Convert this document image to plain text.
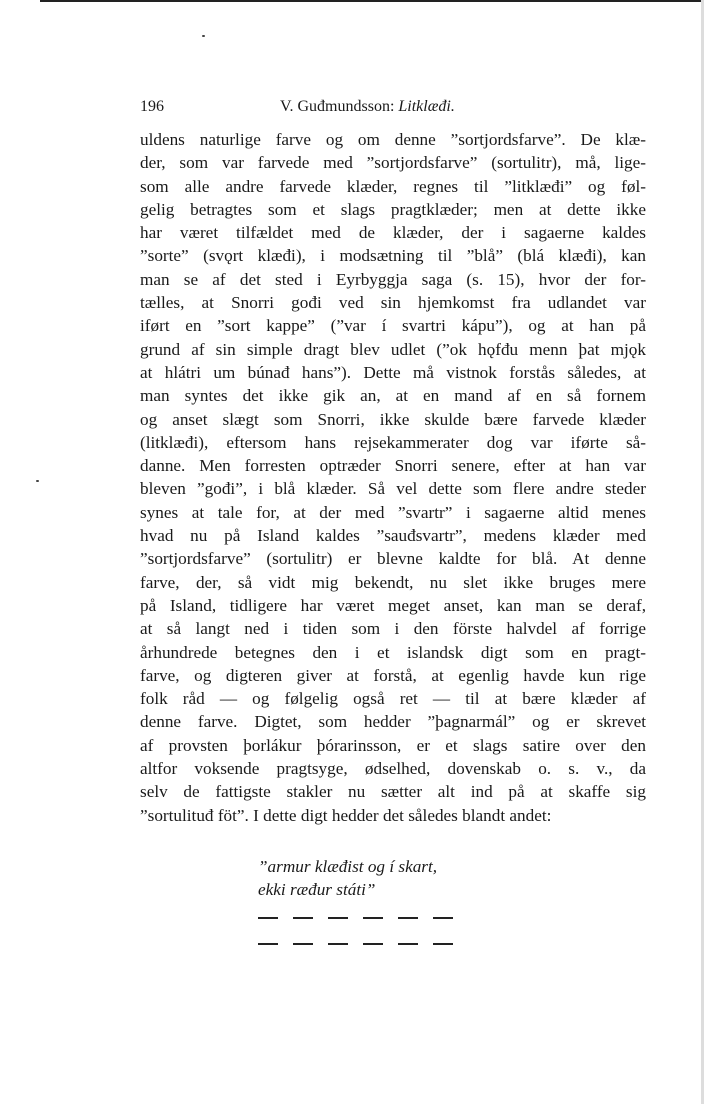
196	V. Guđmundsson: Litklæđi.
uldens naturlige farve og om denne ”sortjordsfarve”. De klæ-
der, som var farvede med ”sortjordsfarve” (sortulitr), må, lige-
som alle andre farvede klæder, regnes til ”litklæđi” og føl-
gelig betragtes som et slags pragtklæder; men at dette ikke
har været tilfældet med de klæder, der i sagaerne kaldes
”sorte” (svǫrt klæđi), i modsætning til ”blå” (blá klæđi), kan
man se af det sted i Eyrbyggja saga (s. 15), hvor der for-
tælles, at Snorri gođi ved sin hjemkomst fra udlandet var
iført en ”sort kappe” (”var í svartri kápu”), og at han på
grund af sin simple dragt blev udlet (”ok hǫfđu menn þat mjǫk
at hlátri um búnađ hans”). Dette må vistnok forstås således, at
man syntes det ikke gik an, at en mand af en så fornem
og anset slægt som Snorri, ikke skulde bære farvede klæder
(litklæđi), eftersom hans rejsekammerater dog var iførte så-
danne. Men forresten optræder Snorri senere, efter at han var
bleven ”gođi”, i blå klæder. Så vel dette som flere andre steder
synes at tale for, at der med ”svartr” i sagaerne altid menes
hvad nu på Island kaldes ”sauđsvartr”, medens klæder med
”sortjordsfarve” (sortulitr) er blevne kaldte for blå. At denne
farve, der, så vidt mig bekendt, nu slet ikke bruges mere
på Island, tidligere har været meget anset, kan man se deraf,
at så langt ned i tiden som i den förste halvdel af forrige
århundrede betegnes den i et islandsk digt som en pragt-
farve, og digteren giver at forstå, at egenlig havde kun rige
folk råd — og følgelig også ret — til at bære klæder af
denne farve. Digtet, som hedder ”þagnarmál” og er skrevet
af provsten þorlákur þórarinsson, er et slags satire over den
altfor voksende pragtsyge, ødselhed, dovenskab o. s. v., da
selv de fattigste stakler nu sætter alt ind på at skaffe sig
”sortulituđ föt”. I dette digt hedder det således blandt andet:
”armur klæđist og í skart,
ekki ræđur státi”
